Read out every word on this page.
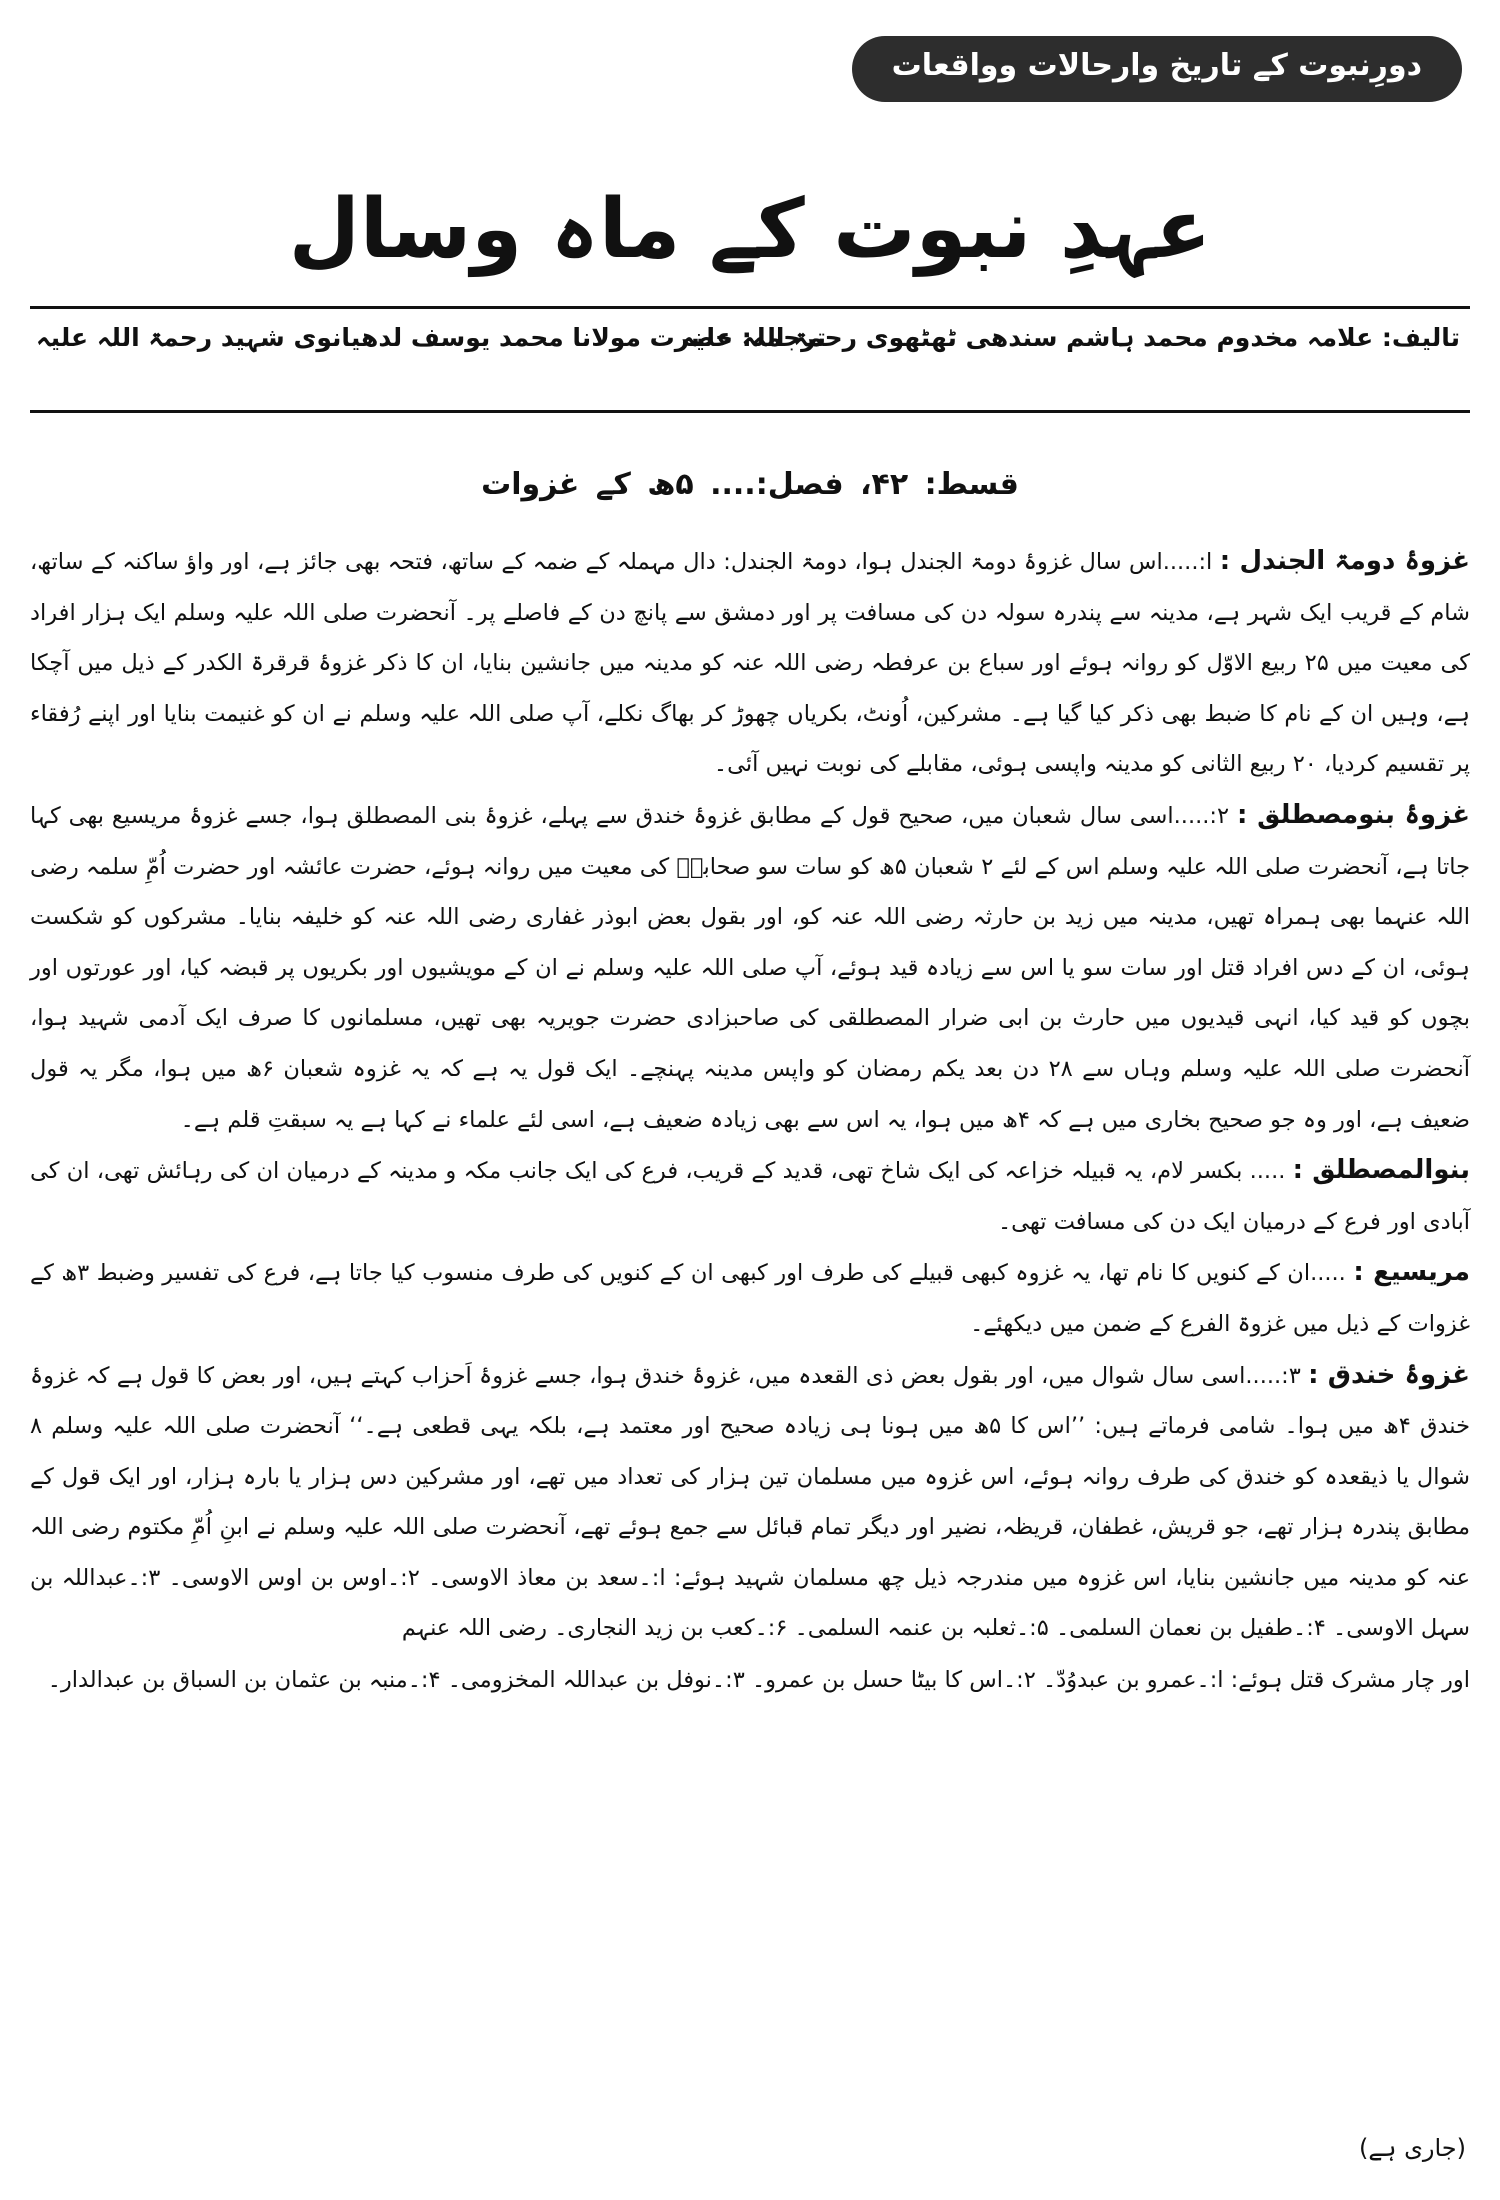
دورِنبوت کے تاریخ وارحالات وواقعات
عہدِ نبوت کے ماہ وسال
تالیف: علامہ مخدوم محمد ہاشم سندھی ٹھٹھوی رحمۃ اللہ علیہ
ترجمہ: حضرت مولانا محمد یوسف لدھیانوی شہید رحمۃ اللہ علیہ
قسط: ۴۲، فصل:.... ۵ھ کے غزوات

غزوۂ دومۃ الجندل : ا:.....اس سال غزوۂ دومۃ الجندل ہوا، دومۃ الجندل: دال مہملہ کے ضمہ کے ساتھ، فتحہ بھی جائز ہے، اور واؤ ساکنہ کے ساتھ، شام کے قریب ایک شہر ہے، مدینہ سے پندرہ سولہ دن کی مسافت پر اور دمشق سے پانچ دن کے فاصلے پر۔ آنحضرت صلی اللہ علیہ وسلم ایک ہزار افراد کی معیت میں ۲۵ ربیع الاوّل کو روانہ ہوئے اور سباع بن عرفطہ رضی اللہ عنہ کو مدینہ میں جانشین بنایا، ان کا ذکر غزوۂ قرقرۃ الکدر کے ذیل میں آچکا ہے، وہیں ان کے نام کا ضبط بھی ذکر کیا گیا ہے۔ مشرکین، اُونٹ، بکریاں چھوڑ کر بھاگ نکلے، آپ صلی اللہ علیہ وسلم نے ان کو غنیمت بنایا اور اپنے رُفقاء پر تقسیم کردیا، ۲۰ ربیع الثانی کو مدینہ واپسی ہوئی، مقابلے کی نوبت نہیں آئی۔

غزوۂ بنومصطلق : ۲:.....اسی سال شعبان میں، صحیح قول کے مطابق غزوۂ خندق سے پہلے، غزوۂ بنی المصطلق ہوا، جسے غزوۂ مریسیع بھی کہا جاتا ہے، آنحضرت صلی اللہ علیہ وسلم اس کے لئے ۲ شعبان ۵ھ کو سات سو صحابہؓ کی معیت میں روانہ ہوئے، حضرت عائشہ اور حضرت اُمِّ سلمہ رضی اللہ عنہما بھی ہمراہ تھیں، مدینہ میں زید بن حارثہ رضی اللہ عنہ کو، اور بقول بعض ابوذر غفاری رضی اللہ عنہ کو خلیفہ بنایا۔ مشرکوں کو شکست ہوئی، ان کے دس افراد قتل اور سات سو یا اس سے زیادہ قید ہوئے، آپ صلی اللہ علیہ وسلم نے ان کے مویشیوں اور بکریوں پر قبضہ کیا، اور عورتوں اور بچوں کو قید کیا، انہی قیدیوں میں حارث بن ابی ضرار المصطلقی کی صاحبزادی حضرت جویریہ بھی تھیں، مسلمانوں کا صرف ایک آدمی شہید ہوا، آنحضرت صلی اللہ علیہ وسلم وہاں سے ۲۸ دن بعد یکم رمضان کو واپس مدینہ پہنچے۔ ایک قول یہ ہے کہ یہ غزوہ شعبان ۶ھ میں ہوا، مگر یہ قول ضعیف ہے، اور وہ جو صحیح بخاری میں ہے کہ ۴ھ میں ہوا، یہ اس سے بھی زیادہ ضعیف ہے، اسی لئے علماء نے کہا ہے یہ سبقتِ قلم ہے۔

بنوالمصطلق : ..... بکسر لام، یہ قبیلہ خزاعہ کی ایک شاخ تھی، قدید کے قریب، فرع کی ایک جانب مکہ و مدینہ کے درمیان ان کی رہائش تھی، ان کی آبادی اور فرع کے درمیان ایک دن کی مسافت تھی۔

مریسیع : .....ان کے کنویں کا نام تھا، یہ غزوہ کبھی قبیلے کی طرف اور کبھی ان کے کنویں کی طرف منسوب کیا جاتا ہے، فرع کی تفسیر وضبط ۳ھ کے غزوات کے ذیل میں غزوۃ الفرع کے ضمن میں دیکھئے۔

غزوۂ خندق : ۳:.....اسی سال شوال میں، اور بقول بعض ذی القعدہ میں، غزوۂ خندق ہوا، جسے غزوۂ اَحزاب کہتے ہیں، اور بعض کا قول ہے کہ غزوۂ خندق ۴ھ میں ہوا۔ شامی فرماتے ہیں: ’’اس کا ۵ھ میں ہونا ہی زیادہ صحیح اور معتمد ہے، بلکہ یہی قطعی ہے۔‘‘ آنحضرت صلی اللہ علیہ وسلم ۸ شوال یا ذیقعدہ کو خندق کی طرف روانہ ہوئے، اس غزوہ میں مسلمان تین ہزار کی تعداد میں تھے، اور مشرکین دس ہزار یا بارہ ہزار، اور ایک قول کے مطابق پندرہ ہزار تھے، جو قریش، غطفان، قریظہ، نضیر اور دیگر تمام قبائل سے جمع ہوئے تھے، آنحضرت صلی اللہ علیہ وسلم نے ابنِ اُمِّ مکتوم رضی اللہ عنہ کو مدینہ میں جانشین بنایا، اس غزوہ میں مندرجہ ذیل چھ مسلمان شہید ہوئے: ا:۔سعد بن معاذ الاوسی۔ ۲:۔اوس بن اوس الاوسی۔ ۳:۔عبداللہ بن سہل الاوسی۔ ۴:۔طفیل بن نعمان السلمی۔ ۵:۔ثعلبہ بن عنمہ السلمی۔ ۶:۔کعب بن زید النجاری۔ رضی اللہ عنہم

اور چار مشرک قتل ہوئے: ا:۔عمرو بن عبدوُدّ۔ ۲:۔اس کا بیٹا حسل بن عمرو۔ ۳:۔نوفل بن عبداللہ المخزومی۔ ۴:۔منبہ بن عثمان بن السباق بن عبدالدار۔

(جاری ہے)
